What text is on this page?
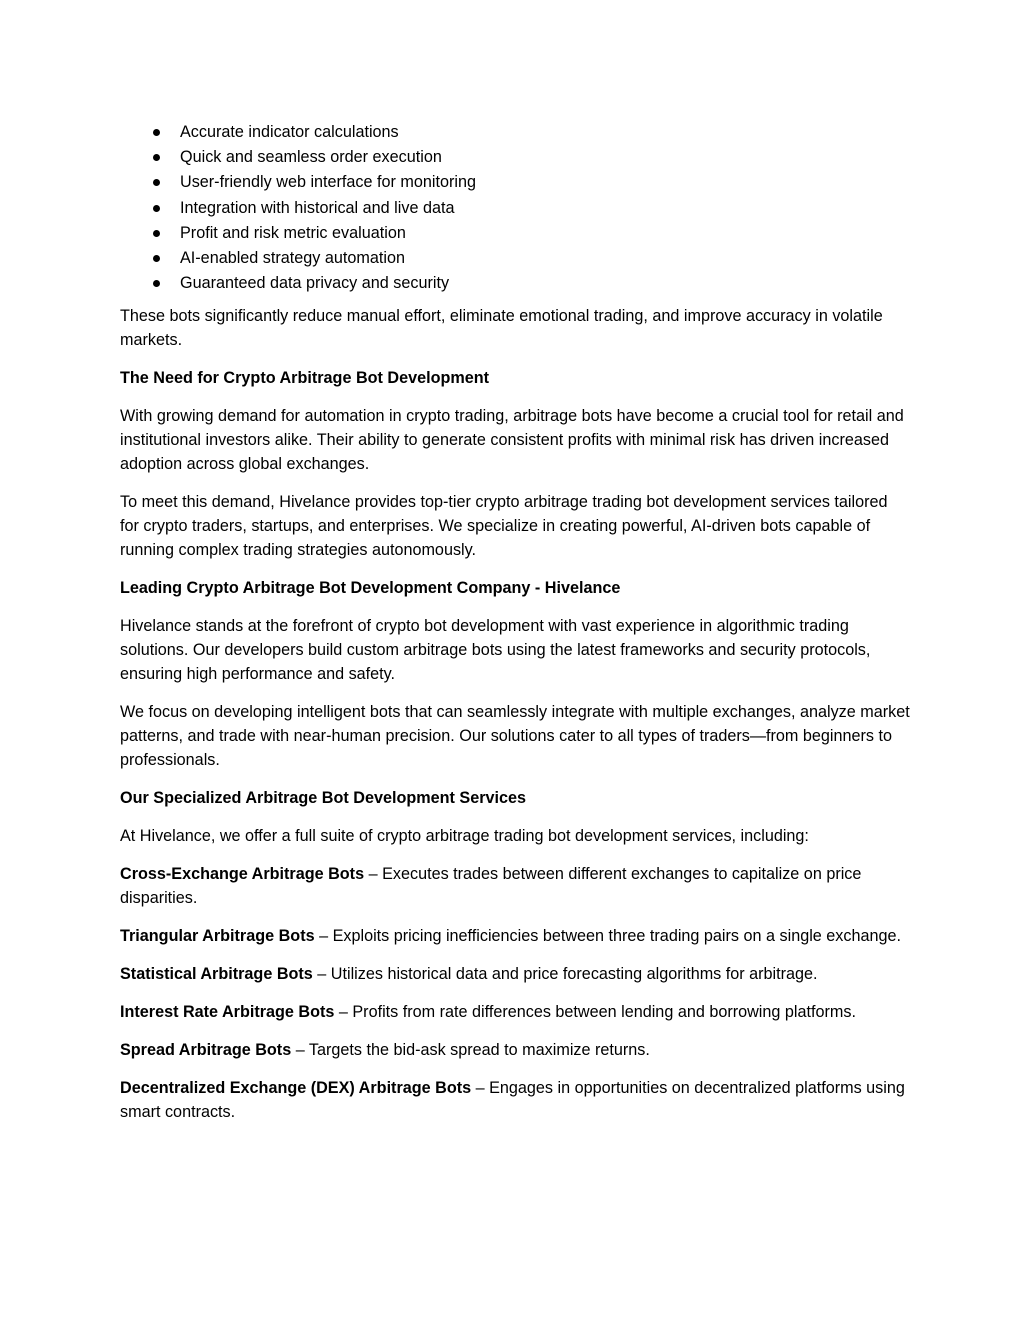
Accurate indicator calculations
Quick and seamless order execution
User-friendly web interface for monitoring
Integration with historical and live data
Profit and risk metric evaluation
AI-enabled strategy automation
Guaranteed data privacy and security

These bots significantly reduce manual effort, eliminate emotional trading, and improve accuracy in volatile markets.

The Need for Crypto Arbitrage Bot Development

With growing demand for automation in crypto trading, arbitrage bots have become a crucial tool for retail and institutional investors alike. Their ability to generate consistent profits with minimal risk has driven increased adoption across global exchanges.

To meet this demand, Hivelance provides top-tier crypto arbitrage trading bot development services tailored for crypto traders, startups, and enterprises. We specialize in creating powerful, AI-driven bots capable of running complex trading strategies autonomously.

Leading Crypto Arbitrage Bot Development Company - Hivelance

Hivelance stands at the forefront of crypto bot development with vast experience in algorithmic trading solutions. Our developers build custom arbitrage bots using the latest frameworks and security protocols, ensuring high performance and safety.

We focus on developing intelligent bots that can seamlessly integrate with multiple exchanges, analyze market patterns, and trade with near-human precision. Our solutions cater to all types of traders—from beginners to professionals.

Our Specialized Arbitrage Bot Development Services

At Hivelance, we offer a full suite of crypto arbitrage trading bot development services, including:

Cross-Exchange Arbitrage Bots – Executes trades between different exchanges to capitalize on price disparities.

Triangular Arbitrage Bots – Exploits pricing inefficiencies between three trading pairs on a single exchange.

Statistical Arbitrage Bots – Utilizes historical data and price forecasting algorithms for arbitrage.

Interest Rate Arbitrage Bots – Profits from rate differences between lending and borrowing platforms.

Spread Arbitrage Bots – Targets the bid-ask spread to maximize returns.

Decentralized Exchange (DEX) Arbitrage Bots – Engages in opportunities on decentralized platforms using smart contracts.
